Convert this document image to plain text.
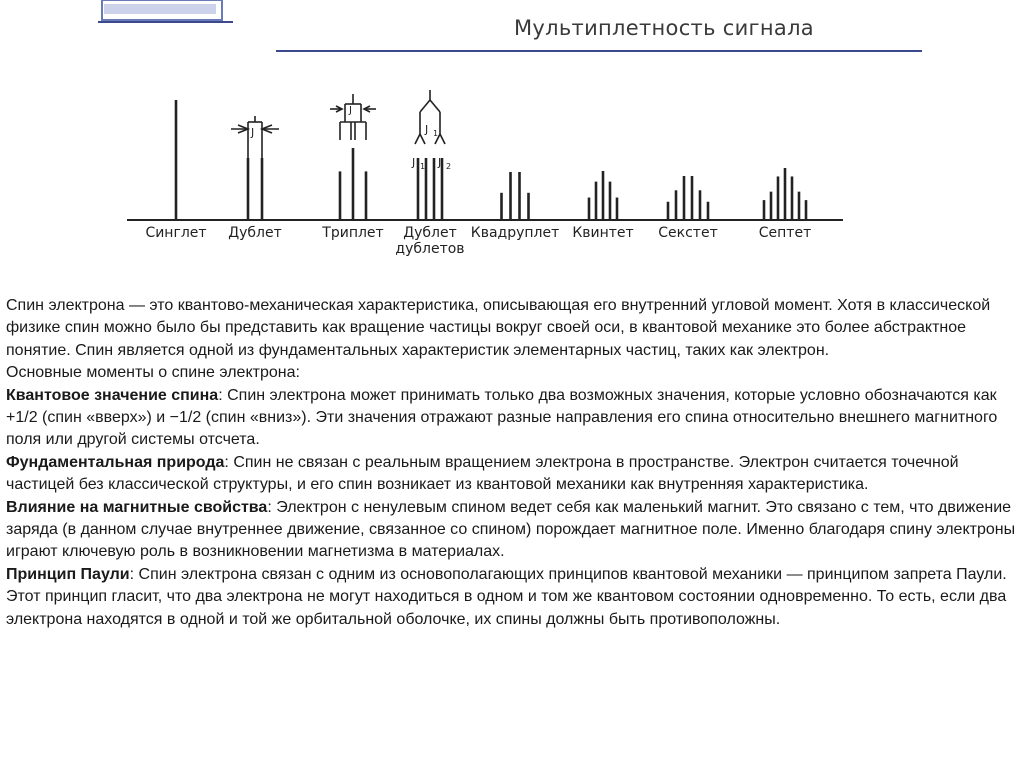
Мультиплетность сигнала
J
J
J 1
J 1 J 2
Синглет Дублет	Триплет Дублет
дублетов
Квадруплет Квинтет Секстет	Септет

Спин электрона — это квантово-механическая характеристика, описывающая его внутренний угловой момент. Хотя в классической физике спин можно было бы представить как вращение частицы вокруг своей оси, в квантовой механике это более абстрактное понятие. Спин является одной из фундаментальных характеристик элементарных частиц, таких как электрон.

Основные моменты о спине электрона:

Квантовое значение спина: Спин электрона может принимать только два возможных значения, которые условно обозначаются как +1/2 (спин «вверх») и −1/2 (спин «вниз»). Эти значения отражают разные направления его спина относительно внешнего магнитного поля или другой системы отсчета.

Фундаментальная природа: Спин не связан с реальным вращением электрона в пространстве. Электрон считается точечной частицей без классической структуры, и его спин возникает из квантовой механики как внутренняя характеристика.

Влияние на магнитные свойства: Электрон с ненулевым спином ведет себя как маленький магнит. Это связано с тем, что движение заряда (в данном случае внутреннее движение, связанное со спином) порождает магнитное поле. Именно благодаря спину электроны играют ключевую роль в возникновении магнетизма в материалах.

Принцип Паули: Спин электрона связан с одним из основополагающих принципов квантовой механики — принципом запрета Паули. Этот принцип гласит, что два электрона не могут находиться в одном и том же квантовом состоянии одновременно. То есть, если два электрона находятся в одной и той же орбитальной оболочке, их спины должны быть противоположны.
